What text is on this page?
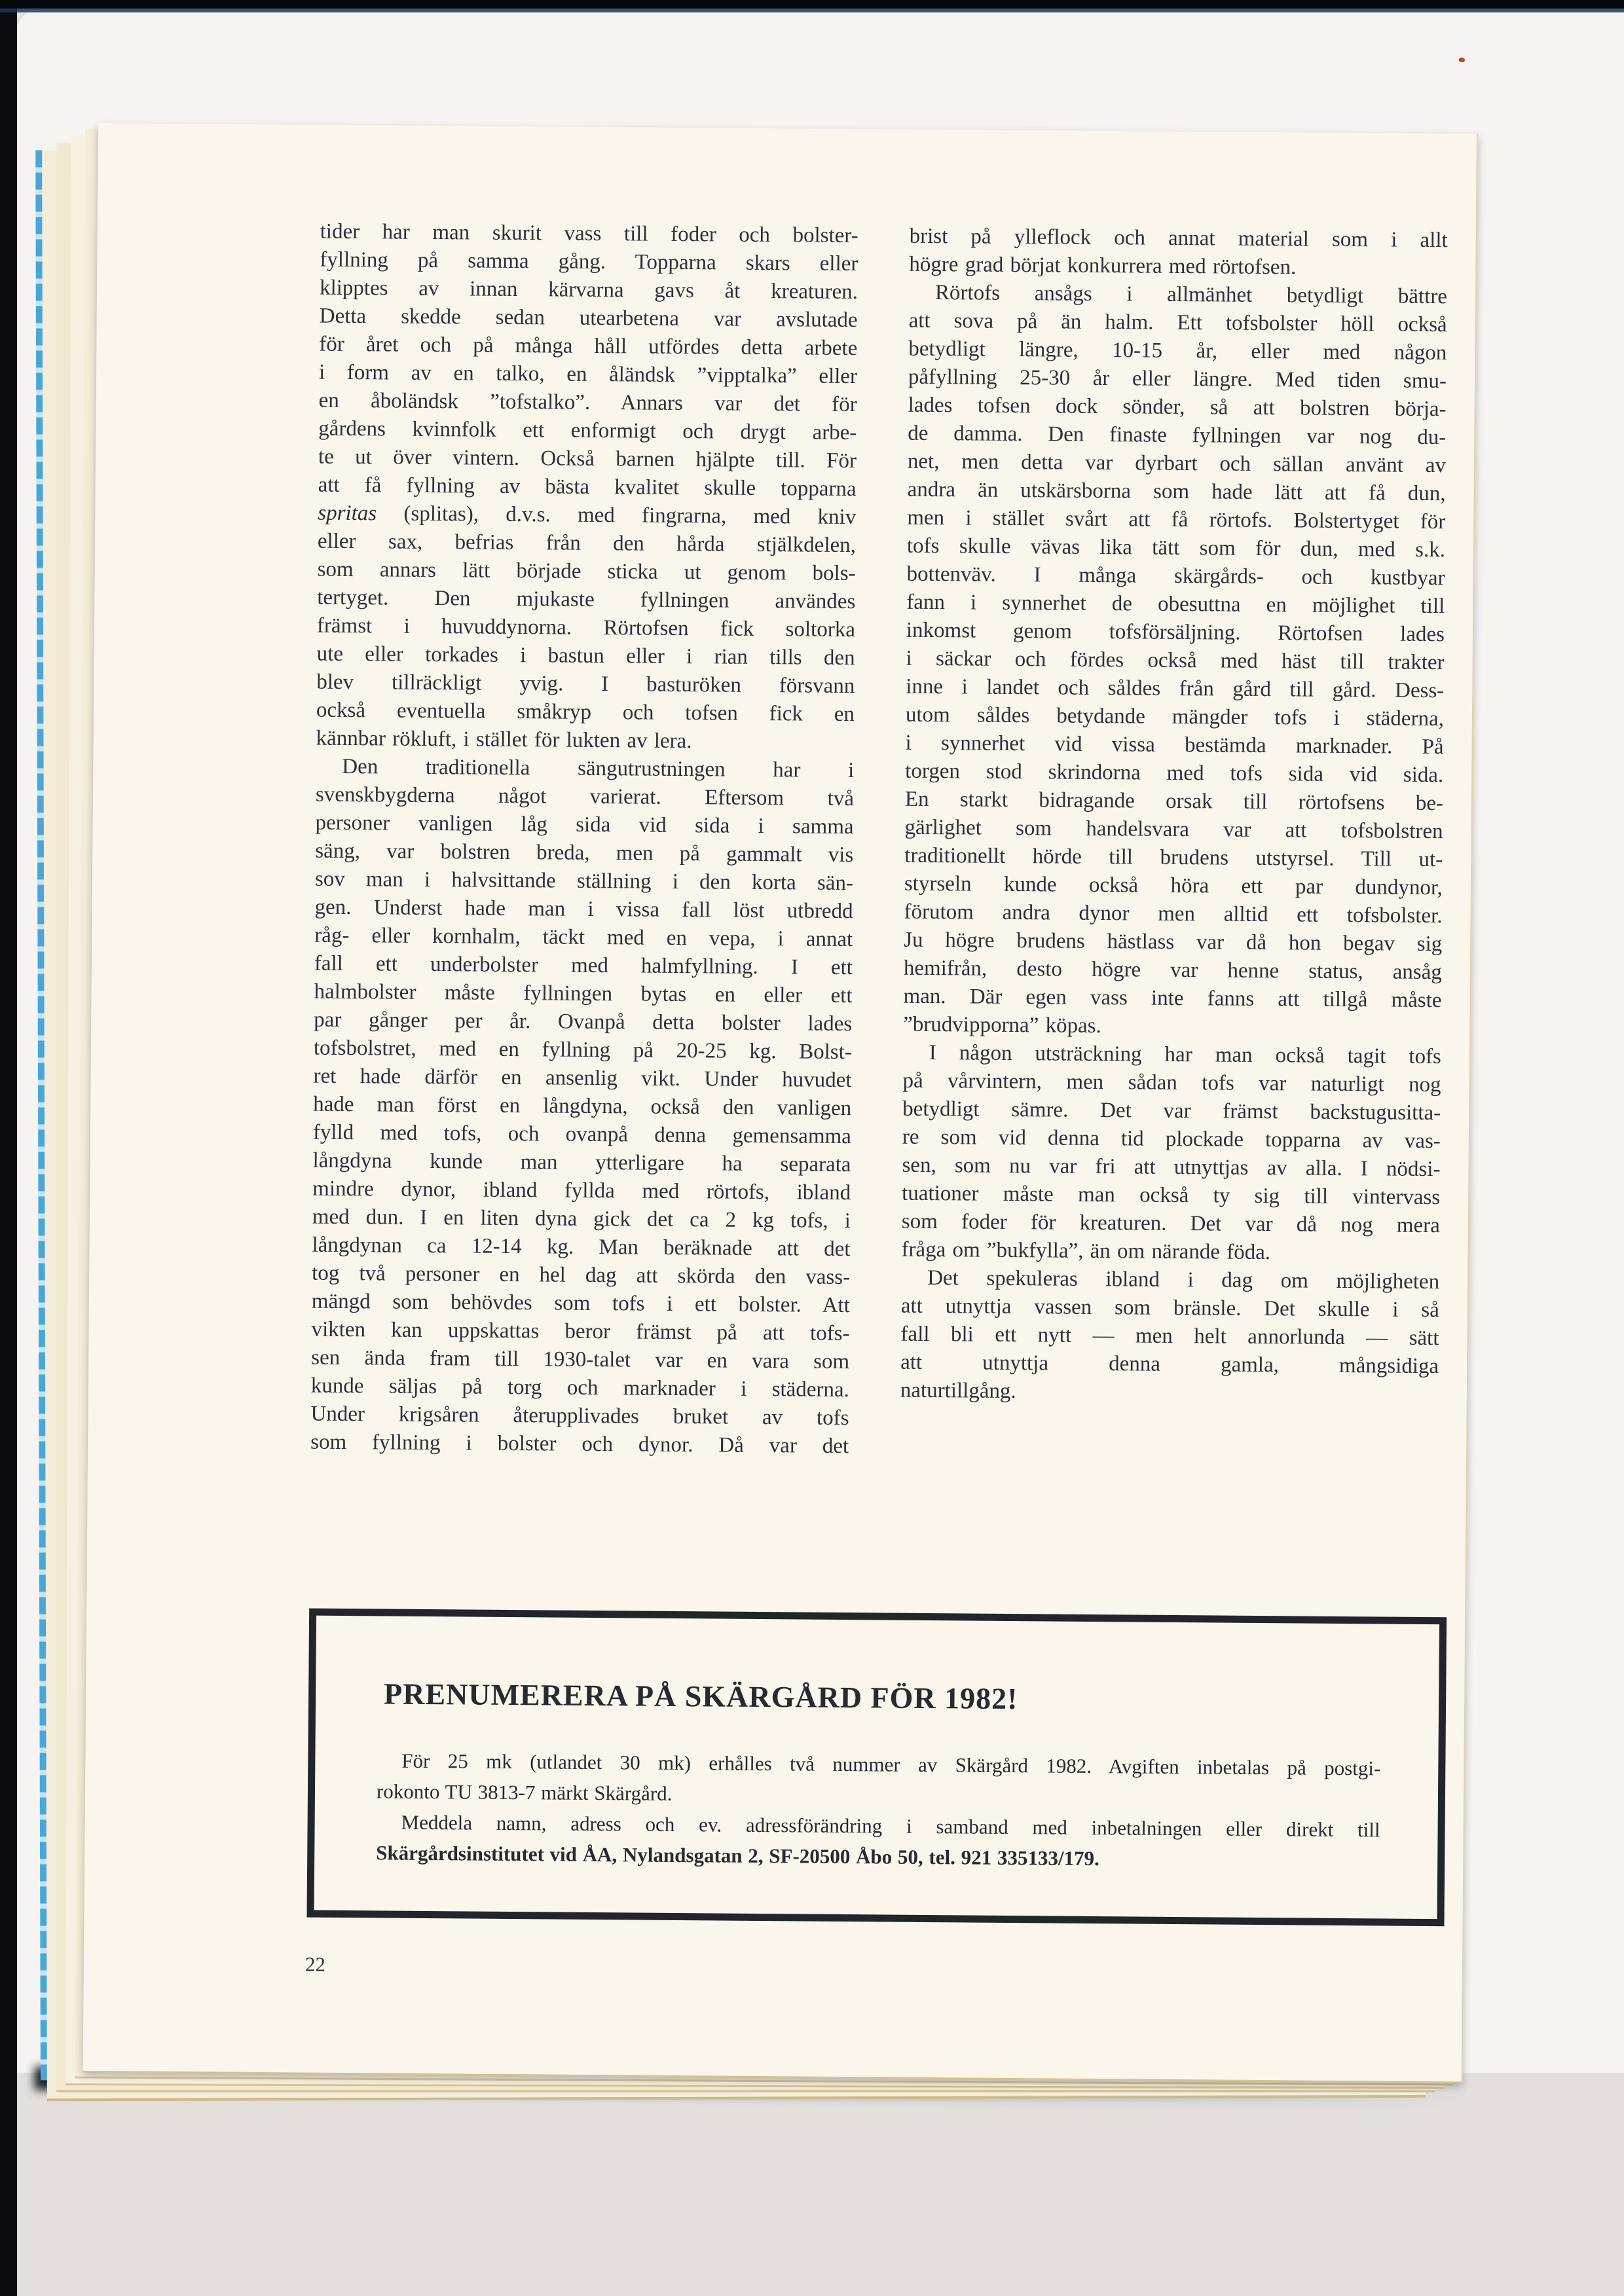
tider har man skurit vass till foder och bolster-
fyllning på samma gång. Topparna skars eller
klipptes av innan kärvarna gavs åt kreaturen.
Detta skedde sedan utearbetena var avslutade
för året och på många håll utfördes detta arbete
i form av en talko, en åländsk ”vipptalka” eller
en åboländsk ”tofstalko”. Annars var det för
gårdens kvinnfolk ett enformigt och drygt arbe-
te ut över vintern. Också barnen hjälpte till. För
att få fyllning av bästa kvalitet skulle topparna
spritas (splitas), d.v.s. med fingrarna, med kniv
eller sax, befrias från den hårda stjälkdelen,
som annars lätt började sticka ut genom bols-
tertyget. Den mjukaste fyllningen användes
främst i huvuddynorna. Rörtofsen fick soltorka
ute eller torkades i bastun eller i rian tills den
blev tillräckligt yvig. I basturöken försvann
också eventuella småkryp och tofsen fick en
kännbar rökluft, i stället för lukten av lera.
Den traditionella sängutrustningen har i
svenskbygderna något varierat. Eftersom två
personer vanligen låg sida vid sida i samma
säng, var bolstren breda, men på gammalt vis
sov man i halvsittande ställning i den korta sän-
gen. Underst hade man i vissa fall löst utbredd
råg- eller kornhalm, täckt med en vepa, i annat
fall ett underbolster med halmfyllning. I ett
halmbolster måste fyllningen bytas en eller ett
par gånger per år. Ovanpå detta bolster lades
tofsbolstret, med en fyllning på 20-25 kg. Bolst-
ret hade därför en ansenlig vikt. Under huvudet
hade man först en långdyna, också den vanligen
fylld med tofs, och ovanpå denna gemensamma
långdyna kunde man ytterligare ha separata
mindre dynor, ibland fyllda med rörtofs, ibland
med dun. I en liten dyna gick det ca 2 kg tofs, i
långdynan ca 12-14 kg. Man beräknade att det
tog två personer en hel dag att skörda den vass-
mängd som behövdes som tofs i ett bolster. Att
vikten kan uppskattas beror främst på att tofs-
sen ända fram till 1930-talet var en vara som
kunde säljas på torg och marknader i städerna.
Under krigsåren återupplivades bruket av tofs
som fyllning i bolster och dynor. Då var det
brist på ylleflock och annat material som i allt
högre grad börjat konkurrera med rörtofsen.
Rörtofs ansågs i allmänhet betydligt bättre
att sova på än halm. Ett tofsbolster höll också
betydligt längre, 10-15 år, eller med någon
påfyllning 25-30 år eller längre. Med tiden smu-
lades tofsen dock sönder, så att bolstren börja-
de damma. Den finaste fyllningen var nog du-
net, men detta var dyrbart och sällan använt av
andra än utskärsborna som hade lätt att få dun,
men i stället svårt att få rörtofs. Bolstertyget för
tofs skulle vävas lika tätt som för dun, med s.k.
bottenväv. I många skärgårds- och kustbyar
fann i synnerhet de obesuttna en möjlighet till
inkomst genom tofsförsäljning. Rörtofsen lades
i säckar och fördes också med häst till trakter
inne i landet och såldes från gård till gård. Dess-
utom såldes betydande mängder tofs i städerna,
i synnerhet vid vissa bestämda marknader. På
torgen stod skrindorna med tofs sida vid sida.
En starkt bidragande orsak till rörtofsens be-
gärlighet som handelsvara var att tofsbolstren
traditionellt hörde till brudens utstyrsel. Till ut-
styrseln kunde också höra ett par dundynor,
förutom andra dynor men alltid ett tofsbolster.
Ju högre brudens hästlass var då hon begav sig
hemifrån, desto högre var henne status, ansåg
man. Där egen vass inte fanns att tillgå måste
”brudvipporna” köpas.
I någon utsträckning har man också tagit tofs
på vårvintern, men sådan tofs var naturligt nog
betydligt sämre. Det var främst backstugusitta-
re som vid denna tid plockade topparna av vas-
sen, som nu var fri att utnyttjas av alla. I nödsi-
tuationer måste man också ty sig till vintervass
som foder för kreaturen. Det var då nog mera
fråga om ”bukfylla”, än om närande föda.
Det spekuleras ibland i dag om möjligheten
att utnyttja vassen som bränsle. Det skulle i så
fall bli ett nytt — men helt annorlunda — sätt
att utnyttja denna gamla, mångsidiga
naturtillgång.
PRENUMERERA PÅ SKÄRGÅRD FÖR 1982!
För 25 mk (utlandet 30 mk) erhålles två nummer av Skärgård 1982. Avgiften inbetalas på postgi-
rokonto TU 3813-7 märkt Skärgård.
Meddela namn, adress och ev. adressförändring i samband med inbetalningen eller direkt till
Skärgårdsinstitutet vid ÅA, Nylandsgatan 2, SF-20500 Åbo 50, tel. 921 335133/179.
22
